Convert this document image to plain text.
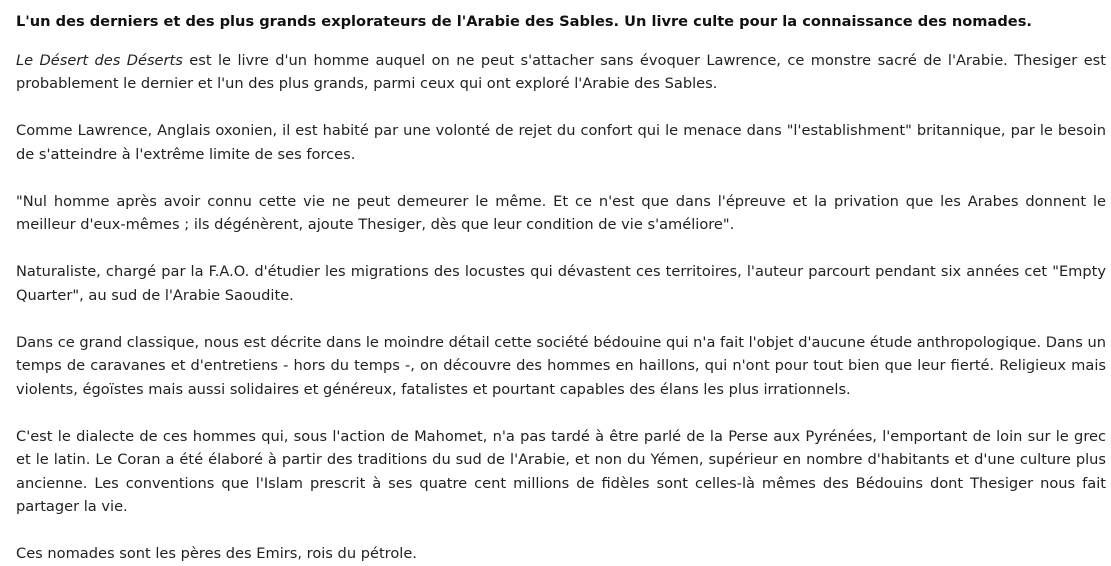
L'un des derniers et des plus grands explorateurs de l'Arabie des Sables. Un livre culte pour la connaissance des nomades.

Le Désert des Déserts est le livre d'un homme auquel on ne peut s'attacher sans évoquer Lawrence, ce monstre sacré de l'Arabie. Thesiger est probablement le dernier et l'un des plus grands, parmi ceux qui ont exploré l'Arabie des Sables.

Comme Lawrence, Anglais oxonien, il est habité par une volonté de rejet du confort qui le menace dans "l'establishment" britannique, par le besoin de s'atteindre à l'extrême limite de ses forces.

"Nul homme après avoir connu cette vie ne peut demeurer le même. Et ce n'est que dans l'épreuve et la privation que les Arabes donnent le meilleur d'eux-mêmes ; ils dégénèrent, ajoute Thesiger, dès que leur condition de vie s'améliore".

Naturaliste, chargé par la F.A.O. d'étudier les migrations des locustes qui dévastent ces territoires, l'auteur parcourt pendant six années cet "Empty Quarter", au sud de l'Arabie Saoudite.

Dans ce grand classique, nous est décrite dans le moindre détail cette société bédouine qui n'a fait l'objet d'aucune étude anthropologique. Dans un temps de caravanes et d'entretiens - hors du temps -, on découvre des hommes en haillons, qui n'ont pour tout bien que leur fierté. Religieux mais violents, égoïstes mais aussi solidaires et généreux, fatalistes et pourtant capables des élans les plus irrationnels.

C'est le dialecte de ces hommes qui, sous l'action de Mahomet, n'a pas tardé à être parlé de la Perse aux Pyrénées, l'emportant de loin sur le grec et le latin. Le Coran a été élaboré à partir des traditions du sud de l'Arabie, et non du Yémen, supérieur en nombre d'habitants et d'une culture plus ancienne. Les conventions que l'Islam prescrit à ses quatre cent millions de fidèles sont celles-là mêmes des Bédouins dont Thesiger nous fait partager la vie.

Ces nomades sont les pères des Emirs, rois du pétrole.
